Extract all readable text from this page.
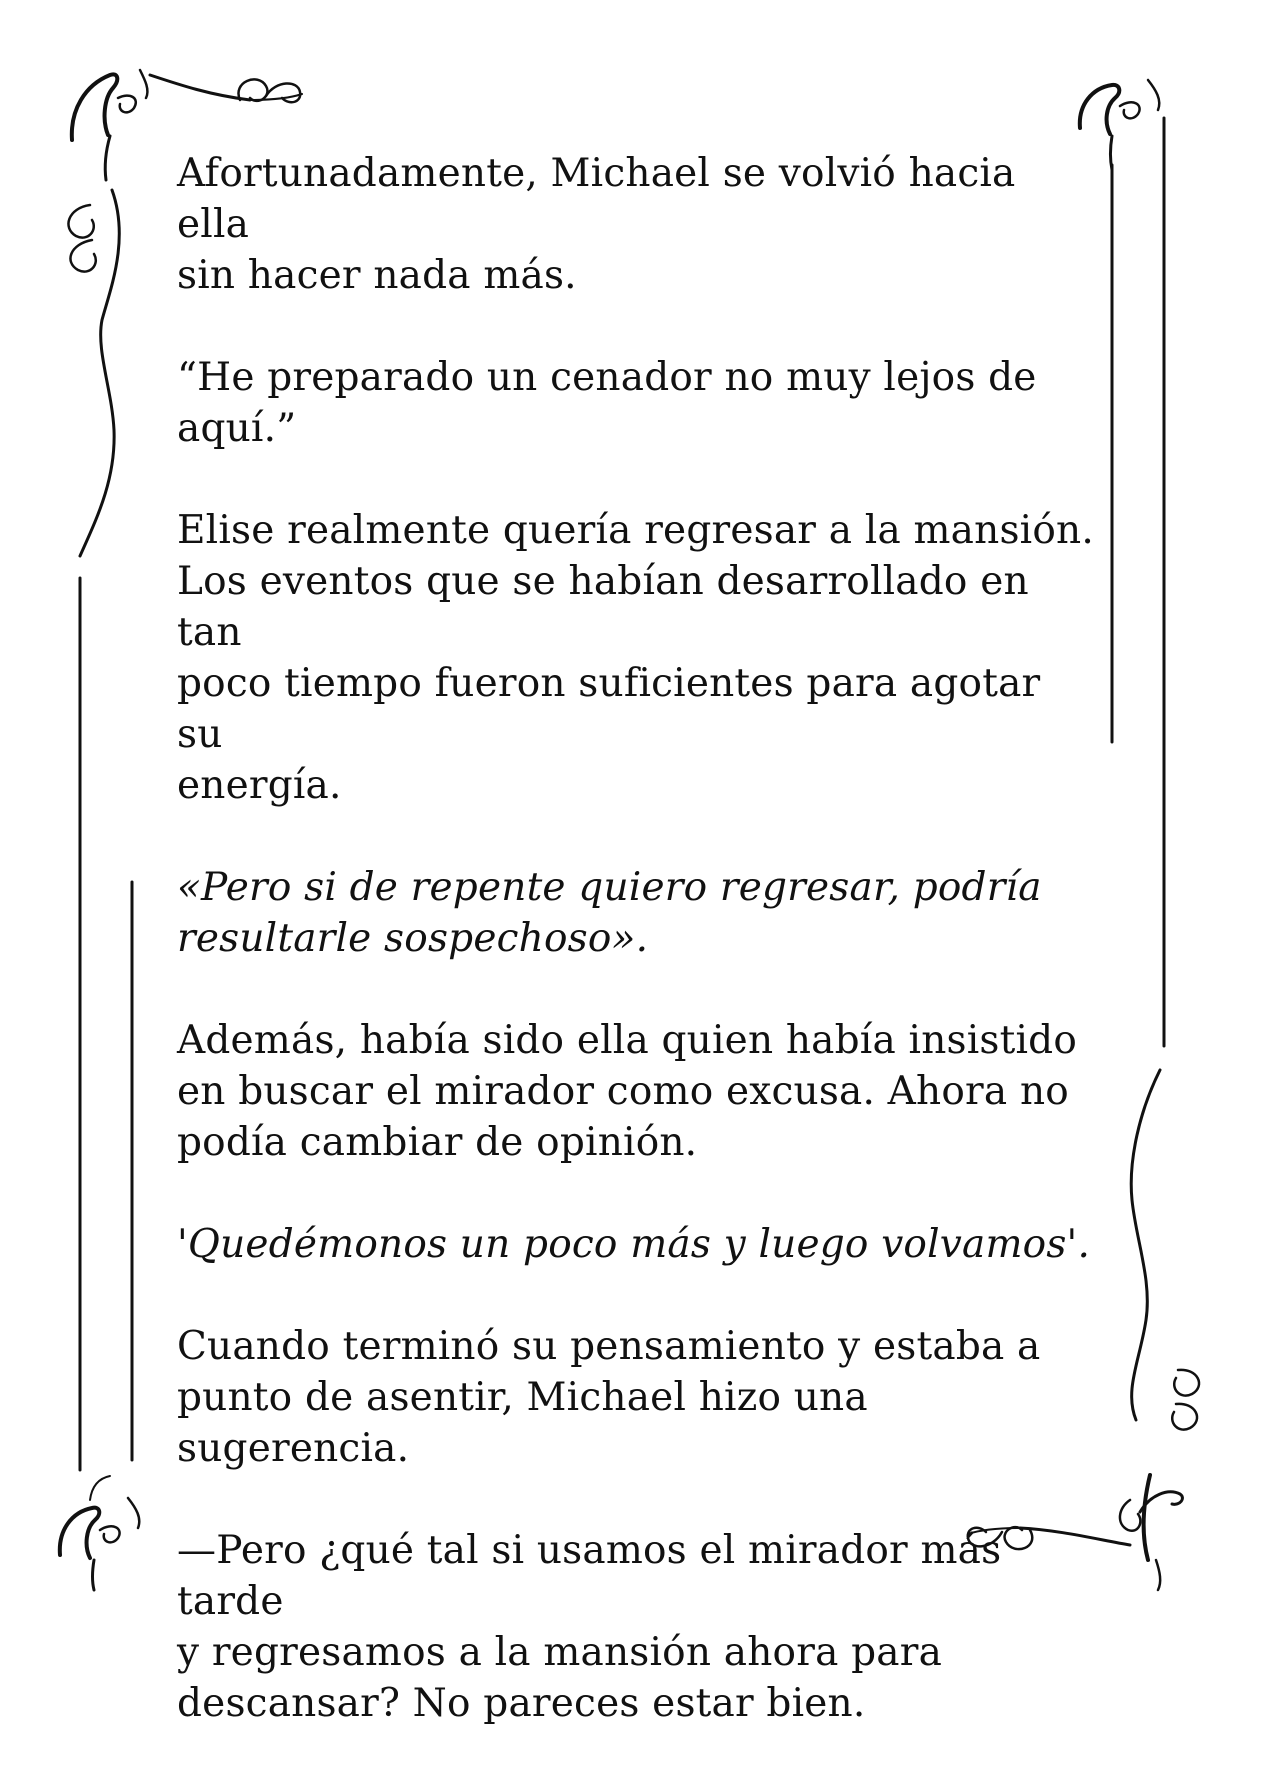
Afortunadamente, Michael se volvió hacia ella
sin hacer nada más.

“He preparado un cenador no muy lejos de
aquí.”

Elise realmente quería regresar a la mansión.
Los eventos que se habían desarrollado en tan
poco tiempo fueron suficientes para agotar su
energía.

«Pero si de repente quiero regresar, podría
resultarle sospechoso».

Además, había sido ella quien había insistido
en buscar el mirador como excusa. Ahora no
podía cambiar de opinión.

'Quedémonos un poco más y luego volvamos'.

Cuando terminó su pensamiento y estaba a
punto de asentir, Michael hizo una sugerencia.

—Pero ¿qué tal si usamos el mirador más tarde
y regresamos a la mansión ahora para
descansar? No pareces estar bien.
